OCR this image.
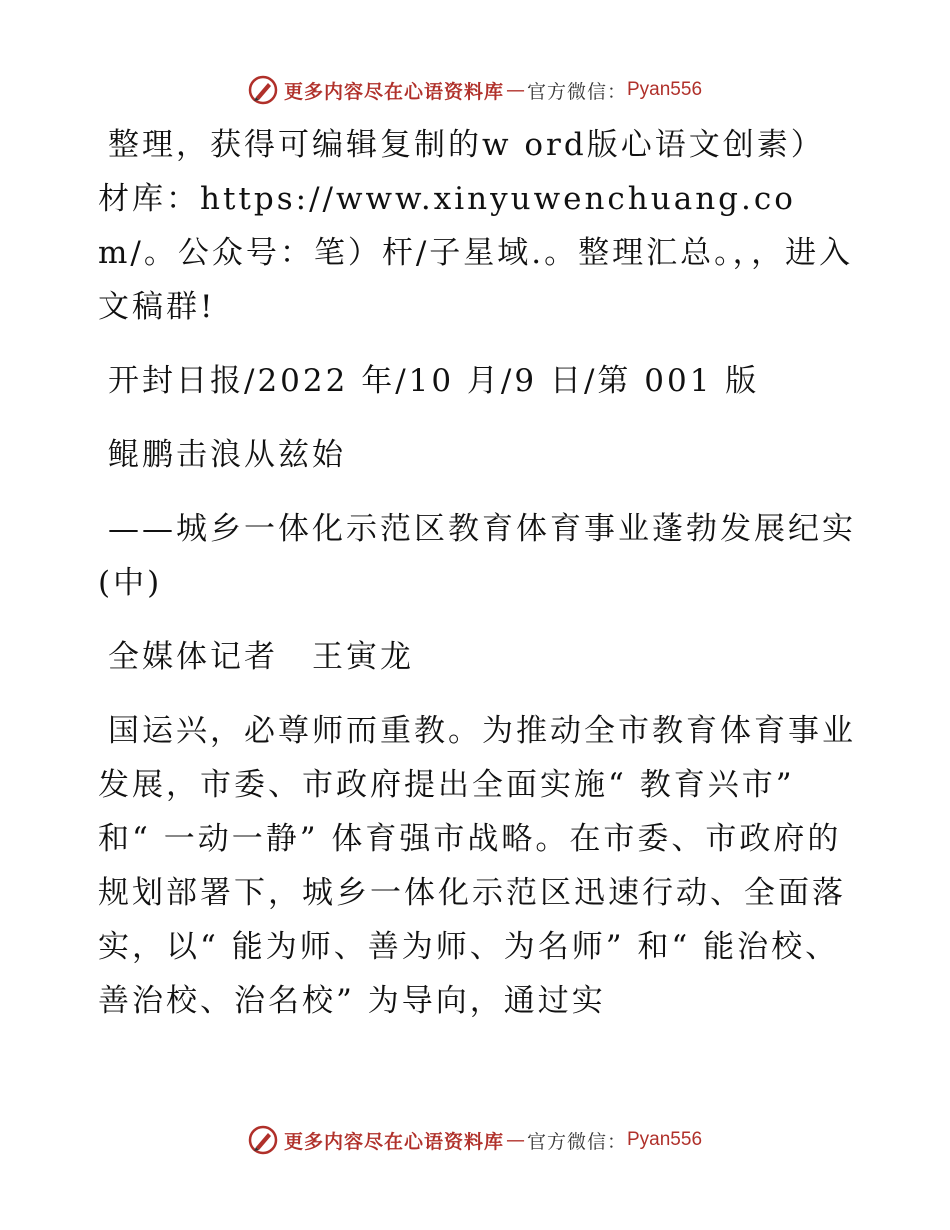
更多内容尽在心语资料库 — 官方微信： Pyan556

整理，获得可编辑复制的w ord版心语文创素）材库：https://www.xinyuwenchuang.com/。公众号：笔）杆/子星域.。整理汇总。，，进入文稿群!

开封日报/2022 年/10 月/9 日/第 001 版

鲲鹏击浪从兹始

——城乡一体化示范区教育体育事业蓬勃发展纪实(中)

全媒体记者　王寅龙

国运兴，必尊师而重教。为推动全市教育体育事业发展，市委、市政府提出全面实施“ 教育兴市” 和“ 一动一静” 体育强市战略。在市委、市政府的规划部署下，城乡一体化示范区迅速行动、全面落实，以“ 能为师、善为师、为名师” 和“ 能治校、善治校、治名校” 为导向，通过实

更多内容尽在心语资料库 — 官方微信： Pyan556
